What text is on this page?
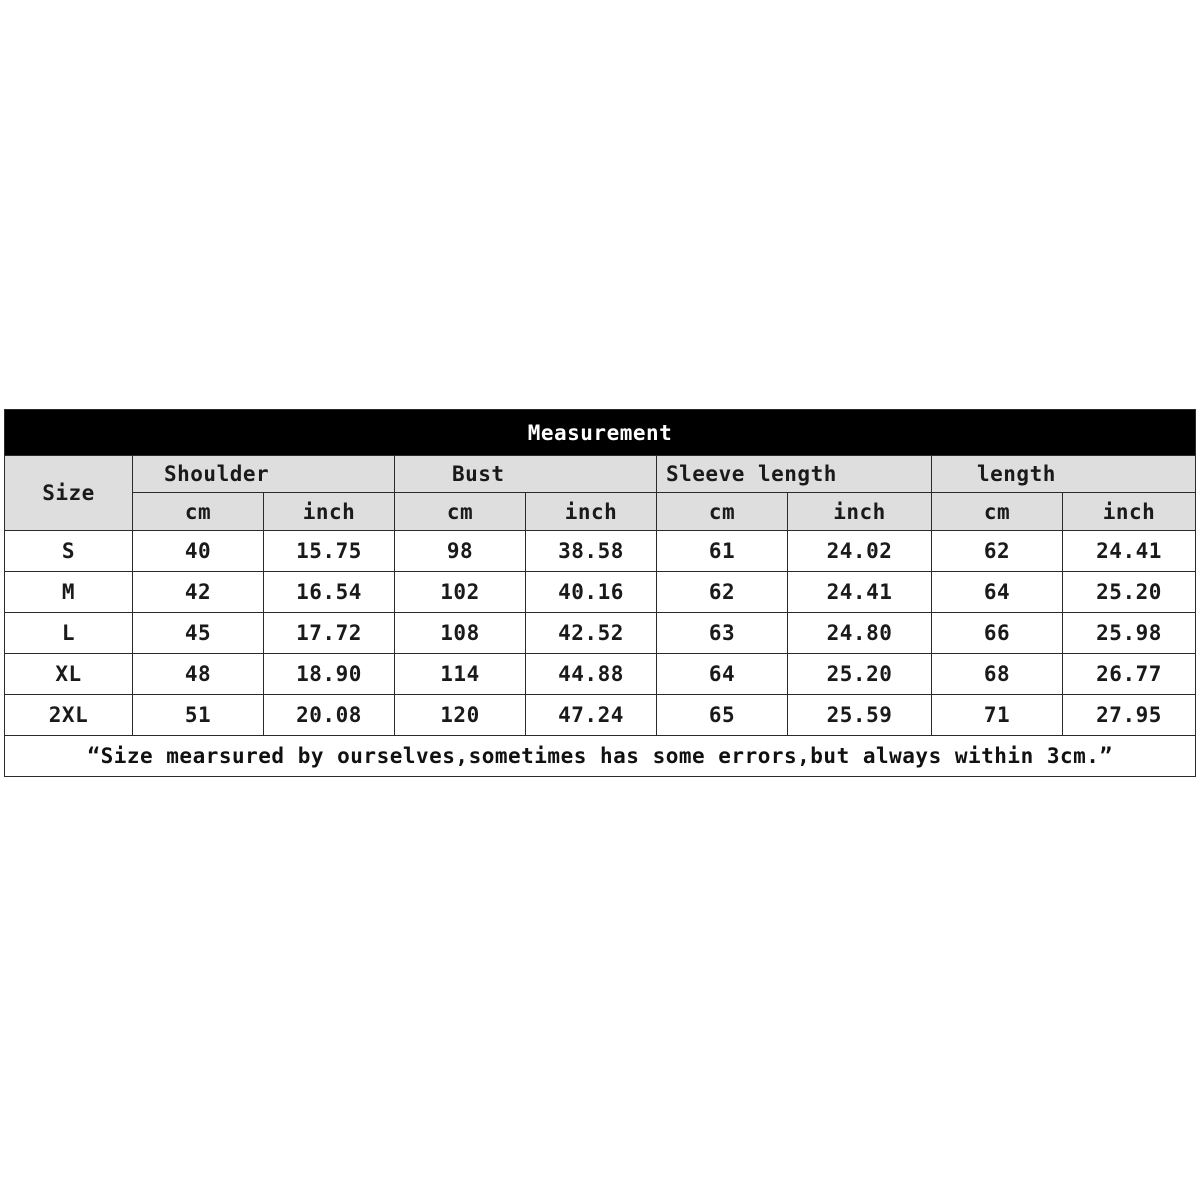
Measurement								
Size	Shoulder		Bust		Sleeve length		length	
	cm	inch	cm	inch	cm	inch	cm	inch
S	40	15.75	98	38.58	61	24.02	62	24.41
M	42	16.54	102	40.16	62	24.41	64	25.20
L	45	17.72	108	42.52	63	24.80	66	25.98
XL	48	18.90	114	44.88	64	25.20	68	26.77
2XL	51	20.08	120	47.24	65	25.59	71	27.95
“Size mearsured by ourselves,sometimes has some errors,but always within 3cm.”								
